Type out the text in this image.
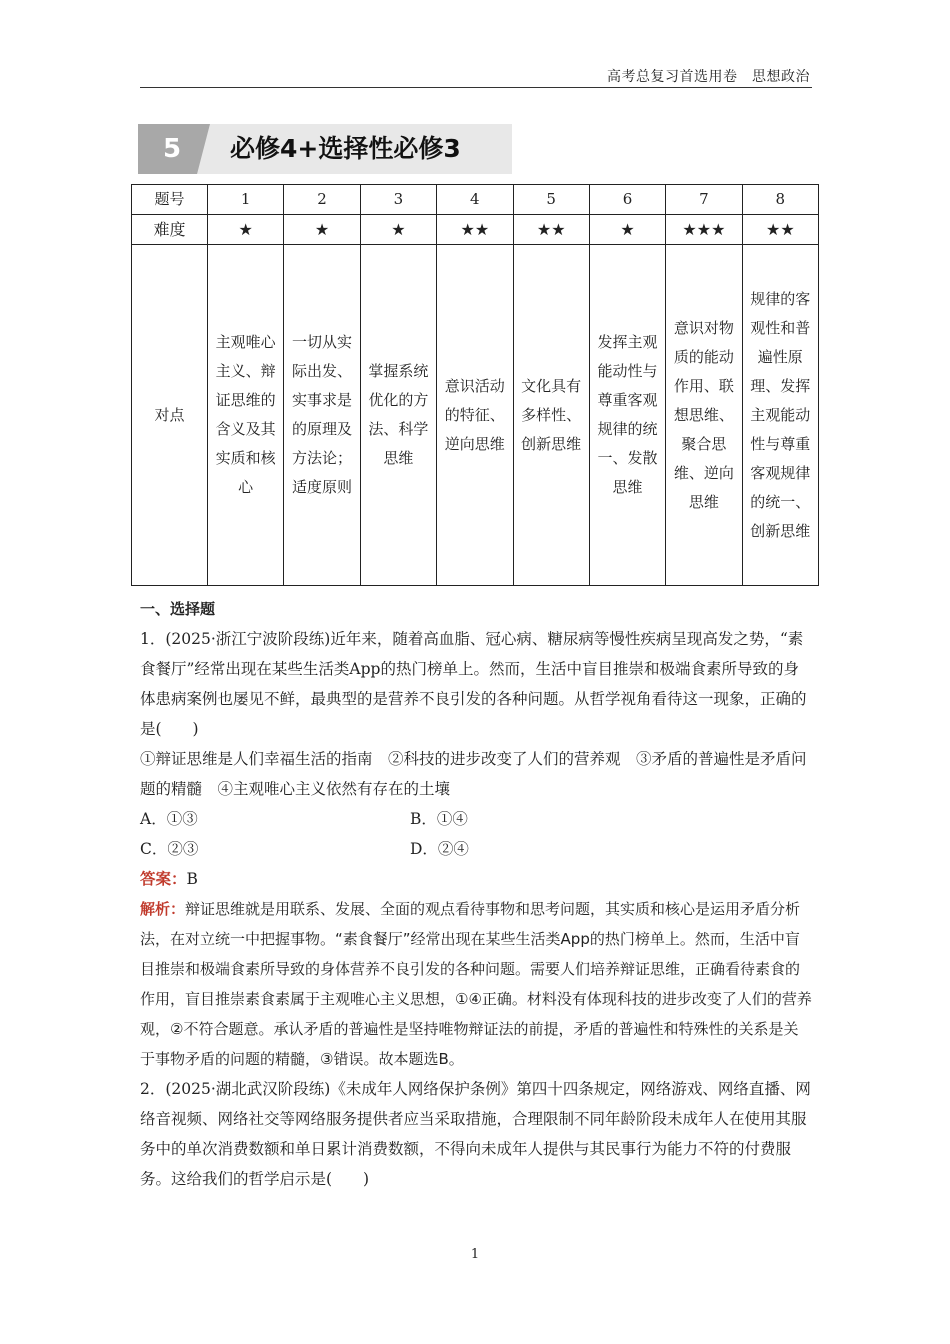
高考总复习首选用卷　思想政治
5	必修4+选择性必修3
题号	1	2	3	4	5	6	7	8
难度	★	★	★	★★	★★	★	★★★	★★
对点	主观唯心主义、辩证思维的含义及其实质和核心	一切从实际出发、实事求是的原理及方法论；适度原则	掌握系统优化的方法、科学思维	意识活动的特征、逆向思维	文化具有多样性、创新思维	发挥主观能动性与尊重客观规律的统一、发散思维	意识对物质的能动作用、联想思维、聚合思维、逆向思维	规律的客观性和普遍性原理、发挥主观能动性与尊重客观规律的统一、创新思维

一、选择题

1．(2025·浙江宁波阶段练)近年来，随着高血脂、冠心病、糖尿病等慢性疾病呈现高发之势，“素食餐厅”经常出现在某些生活类App的热门榜单上。然而，生活中盲目推崇和极端食素所导致的身体患病案例也屡见不鲜，最典型的是营养不良引发的各种问题。从哲学视角看待这一现象，正确的是(　　)

①辩证思维是人们幸福生活的指南　②科技的进步改变了人们的营养观　③矛盾的普遍性是矛盾问题的精髓　④主观唯心主义依然有存在的土壤

A．①③	B．①④
C．②③	D．②④

答案：B

解析：辩证思维就是用联系、发展、全面的观点看待事物和思考问题，其实质和核心是运用矛盾分析法，在对立统一中把握事物。“素食餐厅”经常出现在某些生活类App的热门榜单上。然而，生活中盲目推崇和极端食素所导致的身体营养不良引发的各种问题。需要人们培养辩证思维，正确看待素食的作用，盲目推崇素食素属于主观唯心主义思想，①④正确。材料没有体现科技的进步改变了人们的营养观，②不符合题意。承认矛盾的普遍性是坚持唯物辩证法的前提，矛盾的普遍性和特殊性的关系是关于事物矛盾的问题的精髓，③错误。故本题选B。

2．(2025·湖北武汉阶段练)《未成年人网络保护条例》第四十四条规定，网络游戏、网络直播、网络音视频、网络社交等网络服务提供者应当采取措施，合理限制不同年龄阶段未成年人在使用其服务中的单次消费数额和单日累计消费数额，不得向未成年人提供与其民事行为能力不符的付费服务。这给我们的哲学启示是(　　)

1
